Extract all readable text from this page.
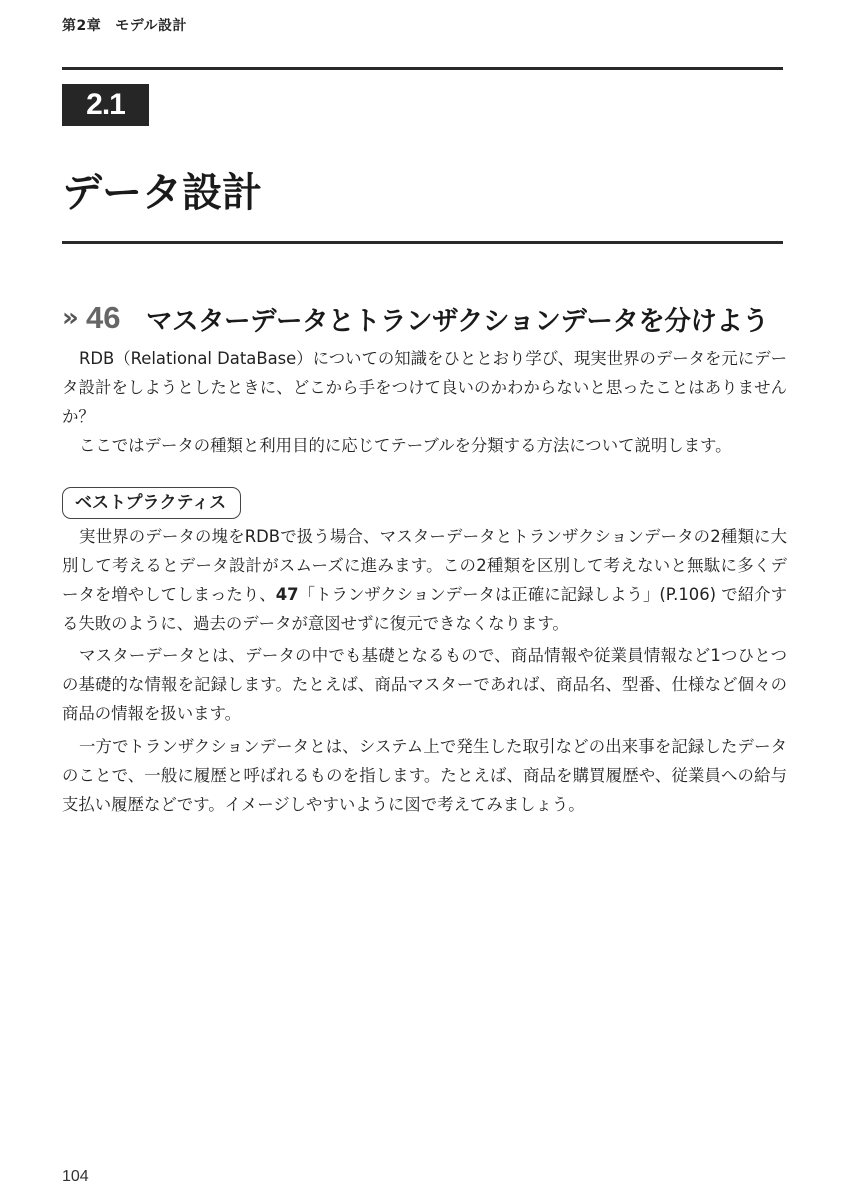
第2章 モデル設計
2.1
データ設計
» 46 マスターデータとトランザクションデータを分けよう

RDB（Relational DataBase）についての知識をひととおり学び、現実世界のデータを元にデータ設計をしようとしたときに、どこから手をつけて良いのかわからないと思ったことはありませんか？

ここではデータの種類と利用目的に応じてテーブルを分類する方法について説明します。

ベストプラクティス

実世界のデータの塊をRDBで扱う場合、マスターデータとトランザクションデータの2種類に大別して考えるとデータ設計がスムーズに進みます。この2種類を区別して考えないと無駄に多くデータを増やしてしまったり、47「トランザクションデータは正確に記録しよう」(P.106) で紹介する失敗のように、過去のデータが意図せずに復元できなくなります。

マスターデータとは、データの中でも基礎となるもので、商品情報や従業員情報など1つひとつの基礎的な情報を記録します。たとえば、商品マスターであれば、商品名、型番、仕様など個々の商品の情報を扱います。

一方でトランザクションデータとは、システム上で発生した取引などの出来事を記録したデータのことで、一般に履歴と呼ばれるものを指します。たとえば、商品を購買履歴や、従業員への給与支払い履歴などです。イメージしやすいように図で考えてみましょう。

104
